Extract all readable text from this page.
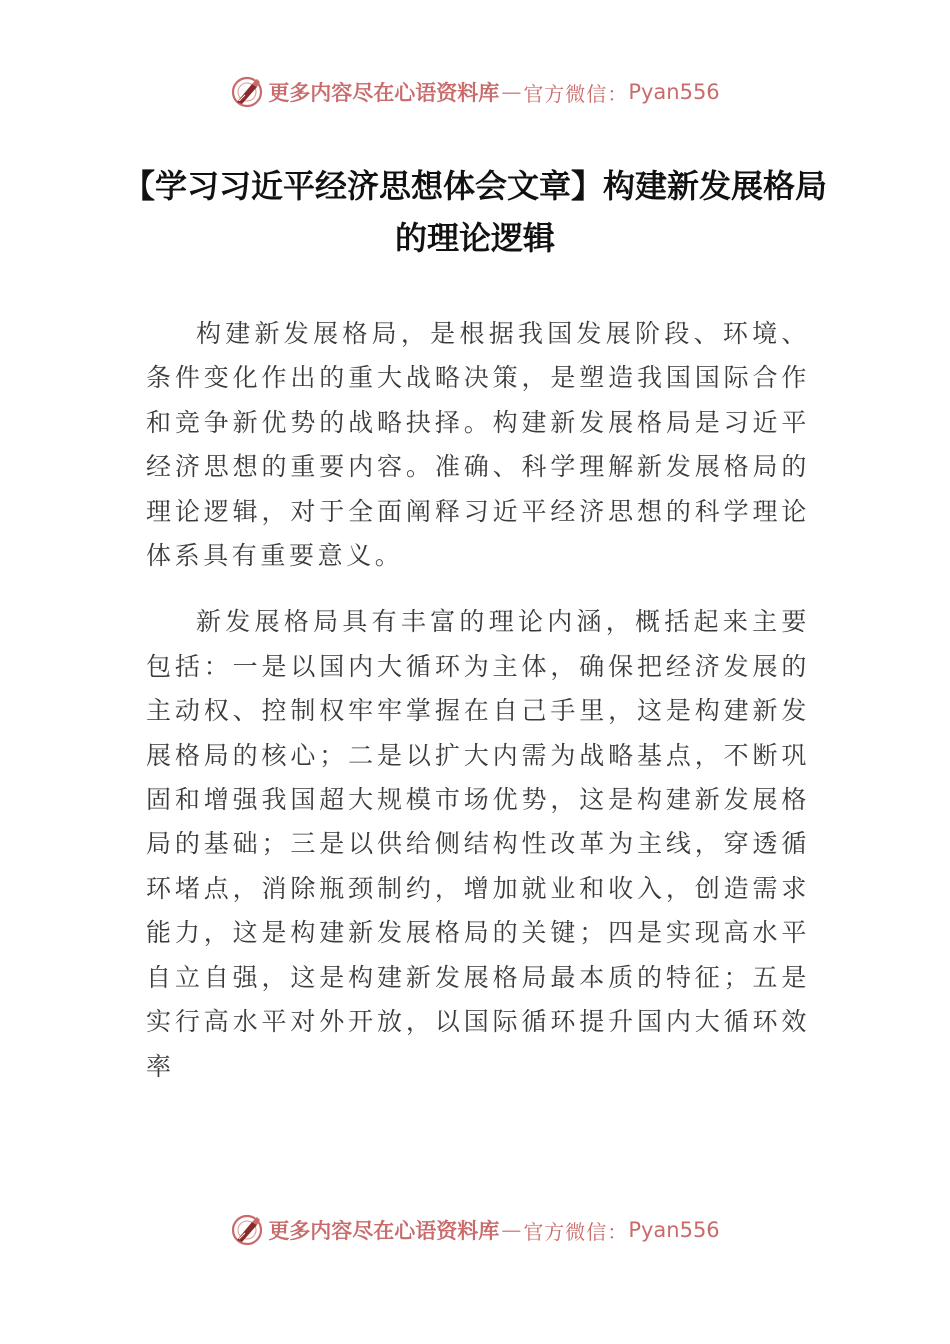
更多内容尽在心语资料库 — 官方微信： Pyan556
【学习习近平经济思想体会文章】构建新发展格局的理论逻辑

构建新发展格局，是根据我国发展阶段、环境、条件变化作出的重大战略决策，是塑造我国国际合作和竞争新优势的战略抉择。构建新发展格局是习近平经济思想的重要内容。准确、科学理解新发展格局的理论逻辑，对于全面阐释习近平经济思想的科学理论体系具有重要意义。

新发展格局具有丰富的理论内涵，概括起来主要包括：一是以国内大循环为主体，确保把经济发展的主动权、控制权牢牢掌握在自己手里，这是构建新发展格局的核心；二是以扩大内需为战略基点，不断巩固和增强我国超大规模市场优势，这是构建新发展格局的基础；三是以供给侧结构性改革为主线，穿透循环堵点，消除瓶颈制约，增加就业和收入，创造需求能力，这是构建新发展格局的关键；四是实现高水平自立自强，这是构建新发展格局最本质的特征；五是实行高水平对外开放，以国际循环提升国内大循环效率

更多内容尽在心语资料库 — 官方微信： Pyan556
